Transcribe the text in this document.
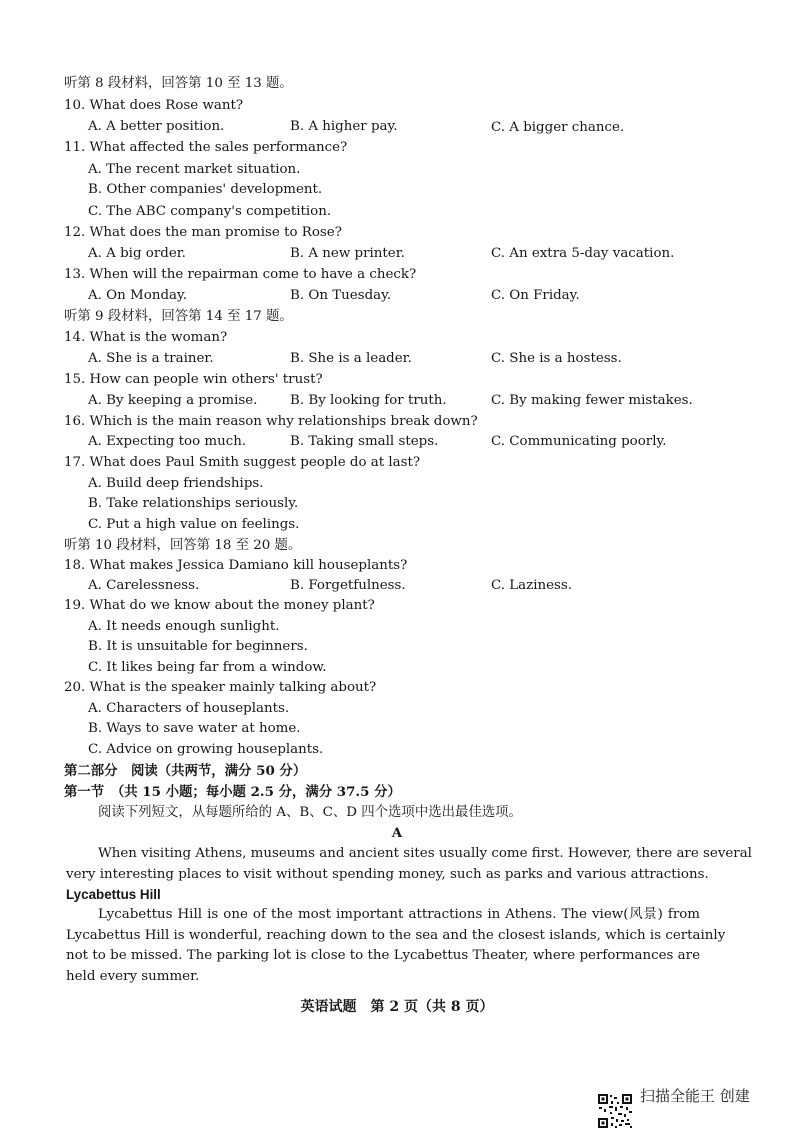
听第 8 段材料，回答第 10 至 13 题。
10. What does Rose want?
A. A better position.	B. A higher pay.	C. A bigger chance.
11. What affected the sales performance?
A. The recent market situation.
B. Other companies' development.
C. The ABC company's competition.
12. What does the man promise to Rose?
A. A big order.	B. A new printer.	C. An extra 5-day vacation.
13. When will the repairman come to have a check?
A. On Monday.	B. On Tuesday.	C. On Friday.
听第 9 段材料，回答第 14 至 17 题。
14. What is the woman?
A. She is a trainer.	B. She is a leader.	C. She is a hostess.
15. How can people win others' trust?
A. By keeping a promise. B. By looking for truth.	C. By making fewer mistakes.
16. Which is the main reason why relationships break down?
A. Expecting too much.	B. Taking small steps.	C. Communicating poorly.
17. What does Paul Smith suggest people do at last?
A. Build deep friendships.
B. Take relationships seriously.
C. Put a high value on feelings.
听第 10 段材料，回答第 18 至 20 题。
18. What makes Jessica Damiano kill houseplants?
A. Carelessness.	B. Forgetfulness.	C. Laziness.
19. What do we know about the money plant?
A. It needs enough sunlight.
B. It is unsuitable for beginners.
C. It likes being far from a window.
20. What is the speaker mainly talking about?
A. Characters of houseplants.
B. Ways to save water at home.
C. Advice on growing houseplants.
第二部分　阅读（共两节，满分 50 分）
第一节　（共 15 小题；每小题 2.5 分，满分 37.5 分）
阅读下列短文，从每题所给的 A、B、C、D 四个选项中选出最佳选项。
A
When visiting Athens, museums and ancient sites usually come first. However, there are several
very interesting places to visit without spending money, such as parks and various attractions.
Lycabettus Hill
Lycabettus Hill is one of the most important attractions in Athens. The view(风景) from
Lycabettus Hill is wonderful, reaching down to the sea and the closest islands, which is certainly
not to be missed. The parking lot is close to the Lycabettus Theater, where performances are
held every summer.
英语试题　第 2 页（共 8 页）
扫描全能王 创建
